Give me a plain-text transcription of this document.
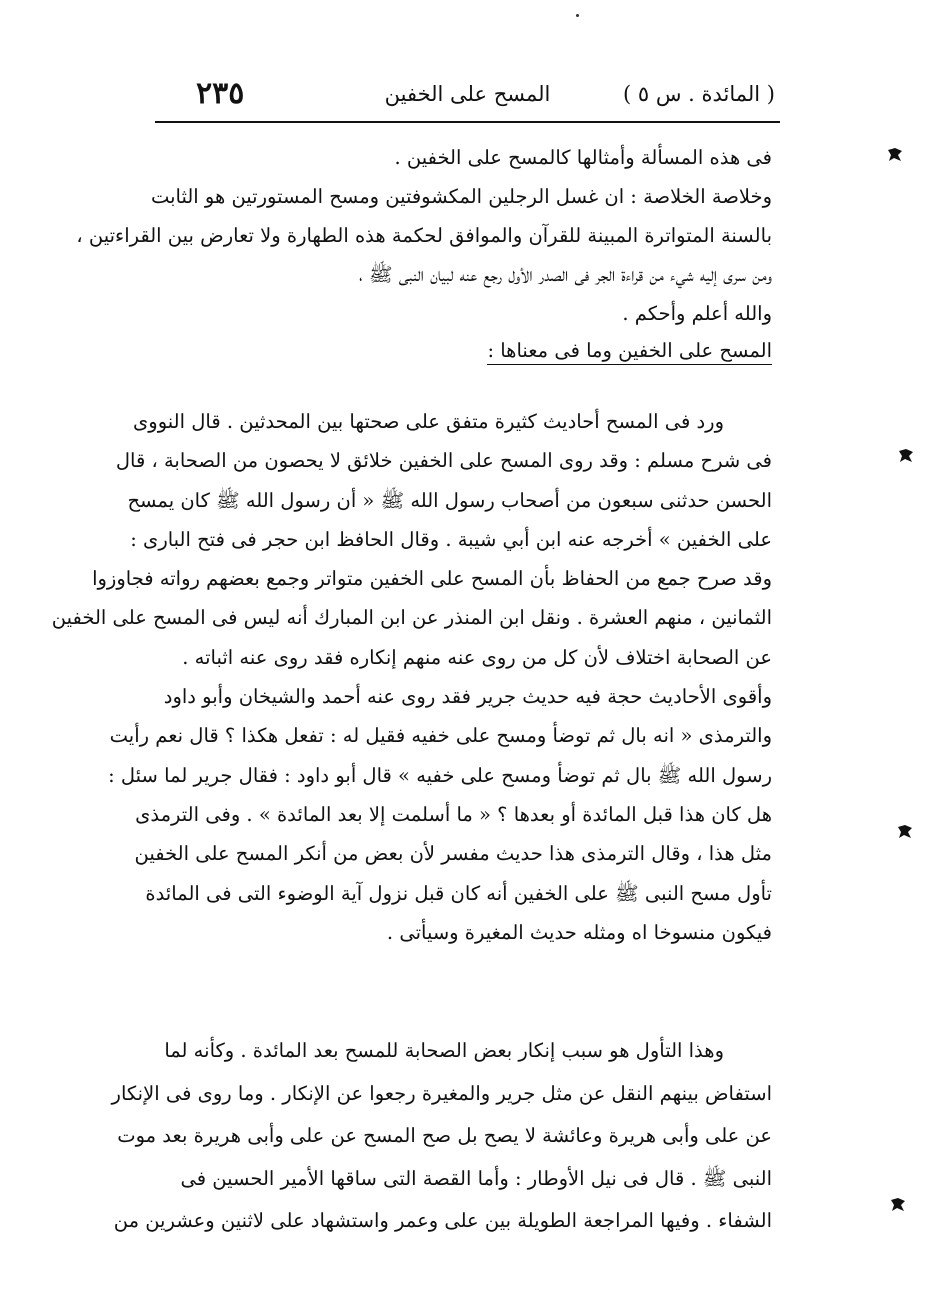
( المائدة . س ٥ )
المسح على الخفين
٢٣٥
فى هذه المسألة وأمثالها كالمسح على الخفين .
وخلاصة الخلاصة : ان غسل الرجلين المكشوفتين ومسح المستورتين هو الثابت
بالسنة المتواترة المبينة للقرآن والموافق لحكمة هذه الطهارة ولا تعارض بين القراءتين ،
ومن سرى إليه شيء من قراءة الجر فى الصدر الأول رجع عنه لبيان النبى ﷺ ،
والله أعلم وأحكم .
المسح على الخفين وما فى معناها :
ورد فى المسح أحاديث كثيرة متفق على صحتها بين المحدثين . قال النووى
فى شرح مسلم : وقد روى المسح على الخفين خلائق لا يحصون من الصحابة ، قال
الحسن حدثنى سبعون من أصحاب رسول الله ﷺ « أن رسول الله ﷺ كان يمسح
على الخفين » أخرجه عنه ابن أبي شيبة . وقال الحافظ ابن حجر فى فتح البارى :
وقد صرح جمع من الحفاظ بأن المسح على الخفين متواتر وجمع بعضهم رواته فجاوزوا
الثمانين ، منهم العشرة . ونقل ابن المنذر عن ابن المبارك أنه ليس فى المسح على الخفين
عن الصحابة اختلاف لأن كل من روى عنه منهم إنكاره فقد روى عنه اثباته .
وأقوى الأحاديث حجة فيه حديث جرير فقد روى عنه أحمد والشيخان وأبو داود
والترمذى « انه بال ثم توضأ ومسح على خفيه فقيل له : تفعل هكذا ؟ قال نعم رأيت
رسول الله ﷺ بال ثم توضأ ومسح على خفيه » قال أبو داود : فقال جرير لما سئل :
هل كان هذا قبل المائدة أو بعدها ؟ « ما أسلمت إلا بعد المائدة » . وفى الترمذى
مثل هذا ، وقال الترمذى هذا حديث مفسر لأن بعض من أنكر المسح على الخفين
تأول مسح النبى ﷺ على الخفين أنه كان قبل نزول آية الوضوء التى فى المائدة
فيكون منسوخا اه ومثله حديث المغيرة وسيأتى .
وهذا التأول هو سبب إنكار بعض الصحابة للمسح بعد المائدة . وكأنه لما
استفاض بينهم النقل عن مثل جرير والمغيرة رجعوا عن الإنكار . وما روى فى الإنكار
عن على وأبى هريرة وعائشة لا يصح بل صح المسح عن على وأبى هريرة بعد موت
النبى ﷺ . قال فى نيل الأوطار : وأما القصة التى ساقها الأمير الحسين فى
الشفاء . وفيها المراجعة الطويلة بين على وعمر واستشهاد على لاثنين وعشرين من
